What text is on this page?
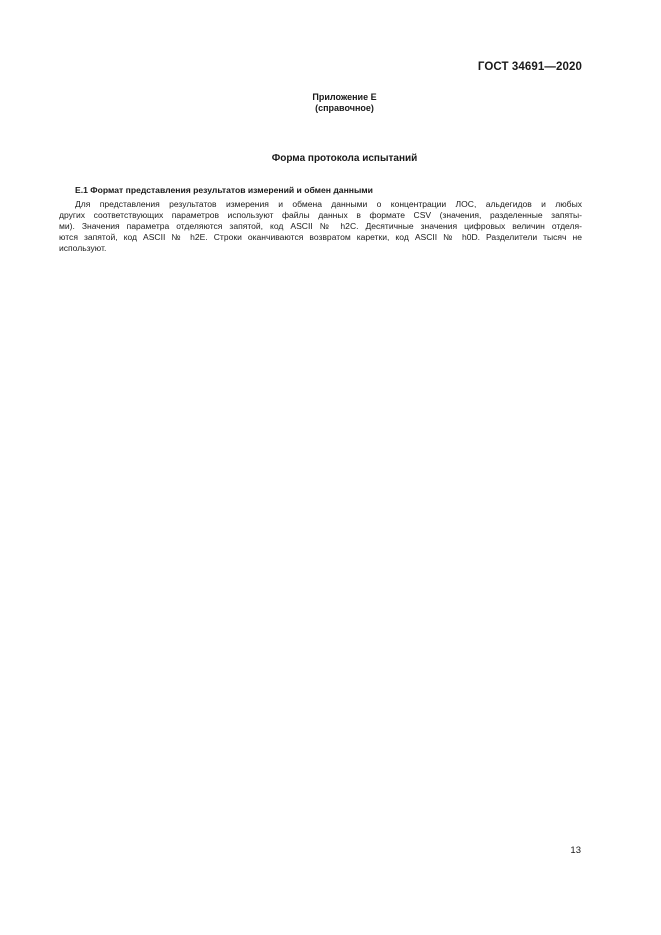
ГОСТ 34691—2020
Приложение Е
(справочное)
Форма протокола испытаний
Е.1 Формат представления результатов измерений и обмен данными

Для представления результатов измерения и обмена данными о концентрации ЛОС, альдегидов и любых
других соответствующих параметров используют файлы данных в формате CSV (значения, разделенные запяты-
ми). Значения параметра отделяются запятой, код ASCII № h2С. Десятичные значения цифровых величин отделя-
ются запятой, код ASCII № h2Е. Строки оканчиваются возвратом каретки, код ASCII № h0D. Разделители тысяч не
используют.

13
